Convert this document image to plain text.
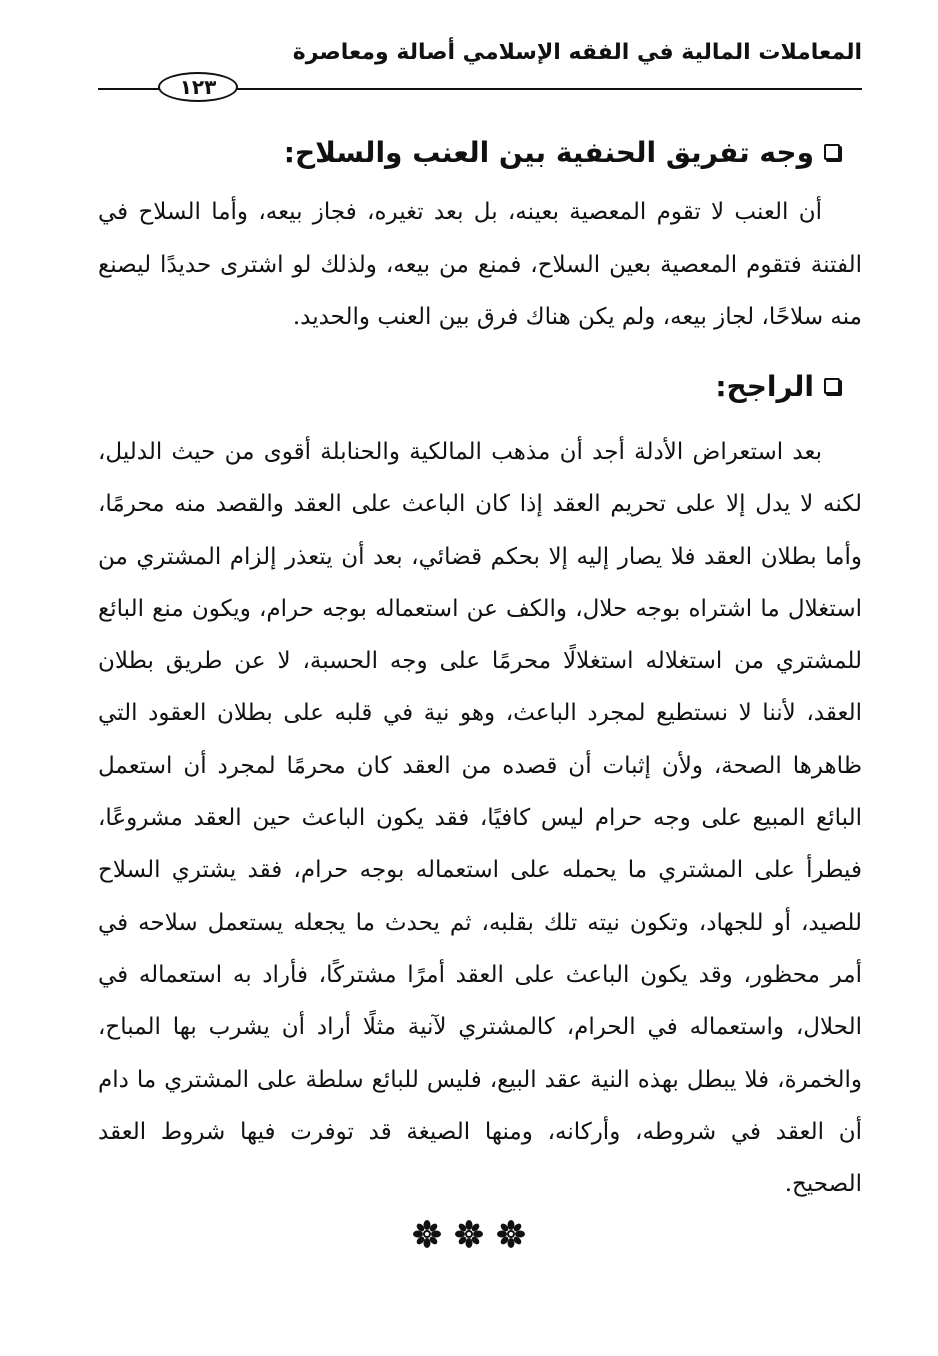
المعاملات المالية في الفقه الإسلامي أصالة ومعاصرة
١٢٣
وجه تفريق الحنفية بين العنب والسلاح:

أن العنب لا تقوم المعصية بعينه، بل بعد تغيره، فجاز بيعه، وأما السلاح في الفتنة فتقوم المعصية بعين السلاح، فمنع من بيعه، ولذلك لو اشترى حديدًا ليصنع منه سلاحًا، لجاز بيعه، ولم يكن هناك فرق بين العنب والحديد.

الراجح:

بعد استعراض الأدلة أجد أن مذهب المالكية والحنابلة أقوى من حيث الدليل، لكنه لا يدل إلا على تحريم العقد إذا كان الباعث على العقد والقصد منه محرمًا، وأما بطلان العقد فلا يصار إليه إلا بحكم قضائي، بعد أن يتعذر إلزام المشتري من استغلال ما اشتراه بوجه حلال، والكف عن استعماله بوجه حرام، ويكون منع البائع للمشتري من استغلاله استغلالًا محرمًا على وجه الحسبة، لا عن طريق بطلان العقد، لأننا لا نستطيع لمجرد الباعث، وهو نية في قلبه على بطلان العقود التي ظاهرها الصحة، ولأن إثبات أن قصده من العقد كان محرمًا لمجرد أن استعمل البائع المبيع على وجه حرام ليس كافيًا، فقد يكون الباعث حين العقد مشروعًا، فيطرأ على المشتري ما يحمله على استعماله بوجه حرام، فقد يشتري السلاح للصيد، أو للجهاد، وتكون نيته تلك بقلبه، ثم يحدث ما يجعله يستعمل سلاحه في أمر محظور، وقد يكون الباعث على العقد أمرًا مشتركًا، فأراد به استعماله في الحلال، واستعماله في الحرام، كالمشتري لآنية مثلًا أراد أن يشرب بها المباح، والخمرة، فلا يبطل بهذه النية عقد البيع، فليس للبائع سلطة على المشتري ما دام أن العقد في شروطه، وأركانه، ومنها الصيغة قد توفرت فيها شروط العقد الصحيح.
